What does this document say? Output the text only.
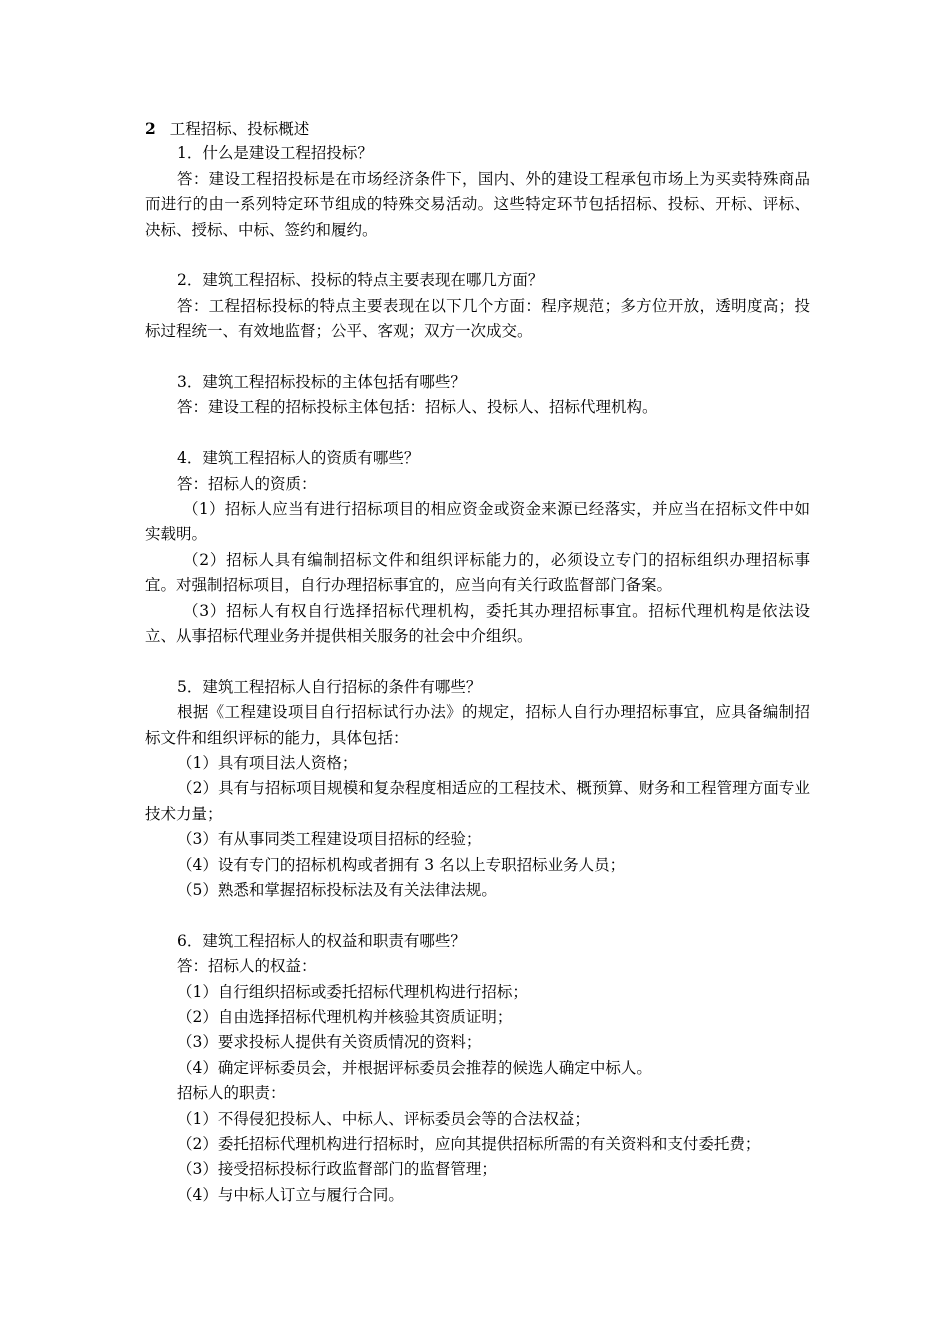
2 工程招标、投标概述
1．什么是建设工程招投标？

答：建设工程招投标是在市场经济条件下，国内、外的建设工程承包市场上为买卖特殊商品而进行的由一系列特定环节组成的特殊交易活动。这些特定环节包括招标、投标、开标、评标、决标、授标、中标、签约和履约。

2．建筑工程招标、投标的特点主要表现在哪几方面？

答：工程招标投标的特点主要表现在以下几个方面：程序规范；多方位开放，透明度高；投标过程统一、有效地监督；公平、客观；双方一次成交。

3．建筑工程招标投标的主体包括有哪些？

答：建设工程的招标投标主体包括：招标人、投标人、招标代理机构。

4．建筑工程招标人的资质有哪些？
答：招标人的资质：

（1）招标人应当有进行招标项目的相应资金或资金来源已经落实，并应当在招标文件中如实载明。

（2）招标人具有编制招标文件和组织评标能力的，必须设立专门的招标组织办理招标事宜。对强制招标项目，自行办理招标事宜的，应当向有关行政监督部门备案。

（3）招标人有权自行选择招标代理机构，委托其办理招标事宜。招标代理机构是依法设立、从事招标代理业务并提供相关服务的社会中介组织。

5．建筑工程招标人自行招标的条件有哪些？

根据《工程建设项目自行招标试行办法》的规定，招标人自行办理招标事宜，应具备编制招标文件和组织评标的能力，具体包括：

（1）具有项目法人资格；

（2）具有与招标项目规模和复杂程度相适应的工程技术、概预算、财务和工程管理方面专业技术力量；

（3）有从事同类工程建设项目招标的经验；

（4）设有专门的招标机构或者拥有 3 名以上专职招标业务人员；

（5）熟悉和掌握招标投标法及有关法律法规。

6．建筑工程招标人的权益和职责有哪些？
答：招标人的权益：
（1）自行组织招标或委托招标代理机构进行招标；
（2）自由选择招标代理机构并核验其资质证明；
（3）要求投标人提供有关资质情况的资料；
（4）确定评标委员会，并根据评标委员会推荐的候选人确定中标人。
招标人的职责：
（1）不得侵犯投标人、中标人、评标委员会等的合法权益；
（2）委托招标代理机构进行招标时，应向其提供招标所需的有关资料和支付委托费；
（3）接受招标投标行政监督部门的监督管理；
（4）与中标人订立与履行合同。
